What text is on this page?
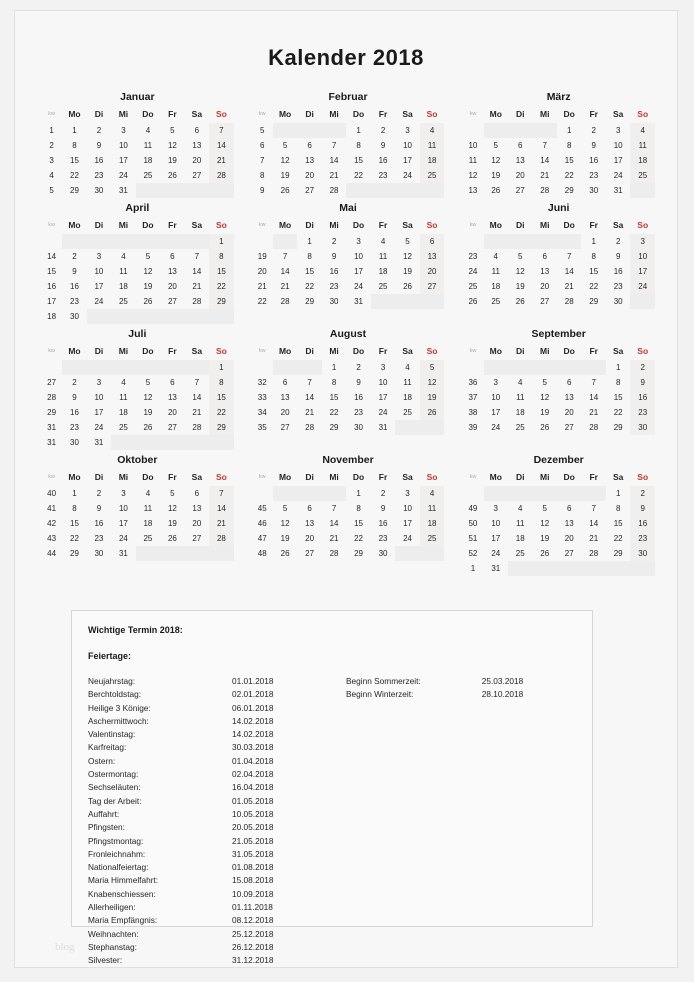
Kalender 2018
Januar
kw	Mo	Di	Mi	Do	Fr	Sa	So
1	1	2	3	4	5	6	7
2	8	9	10	11	12	13	14
3	15	16	17	18	19	20	21
4	22	23	24	25	26	27	28
5	29	30	31				
Februar
kw	Mo	Di	Mi	Do	Fr	Sa	So
5				1	2	3	4
6	5	6	7	8	9	10	11
7	12	13	14	15	16	17	18
8	19	20	21	22	23	24	25
9	26	27	28				
März
kw	Mo	Di	Mi	Do	Fr	Sa	So
				1	2	3	4
10	5	6	7	8	9	10	11
11	12	13	14	15	16	17	18
12	19	20	21	22	23	24	25
13	26	27	28	29	30	31	
April
kw	Mo	Di	Mi	Do	Fr	Sa	So
							1
14	2	3	4	5	6	7	8
15	9	10	11	12	13	14	15
16	16	17	18	19	20	21	22
17	23	24	25	26	27	28	29
18	30						
Mai
kw	Mo	Di	Mi	Do	Fr	Sa	So
		1	2	3	4	5	6
19	7	8	9	10	11	12	13
20	14	15	16	17	18	19	20
21	21	22	23	24	25	26	27
22	28	29	30	31			
Juni
kw	Mo	Di	Mi	Do	Fr	Sa	So
					1	2	3
23	4	5	6	7	8	9	10
24	11	12	13	14	15	16	17
25	18	19	20	21	22	23	24
26	25	26	27	28	29	30	
Juli
kw	Mo	Di	Mi	Do	Fr	Sa	So
							1
27	2	3	4	5	6	7	8
28	9	10	11	12	13	14	15
29	16	17	18	19	20	21	22
31	23	24	25	26	27	28	29
31	30	31					
August
kw	Mo	Di	Mi	Do	Fr	Sa	So
			1	2	3	4	5
32	6	7	8	9	10	11	12
33	13	14	15	16	17	18	19
34	20	21	22	23	24	25	26
35	27	28	29	30	31		
September
kw	Mo	Di	Mi	Do	Fr	Sa	So
						1	2
36	3	4	5	6	7	8	9
37	10	11	12	13	14	15	16
38	17	18	19	20	21	22	23
39	24	25	26	27	28	29	30
Oktober
kw	Mo	Di	Mi	Do	Fr	Sa	So
40	1	2	3	4	5	6	7
41	8	9	10	11	12	13	14
42	15	16	17	18	19	20	21
43	22	23	24	25	26	27	28
44	29	30	31				
November
kw	Mo	Di	Mi	Do	Fr	Sa	So
				1	2	3	4
45	5	6	7	8	9	10	11
46	12	13	14	15	16	17	18
47	19	20	21	22	23	24	25
48	26	27	28	29	30		
Dezember
kw	Mo	Di	Mi	Do	Fr	Sa	So
						1	2
49	3	4	5	6	7	8	9
50	10	11	12	13	14	15	16
51	17	18	19	20	21	22	23
52	24	25	26	27	28	29	30
1	31						
Wichtige Termin 2018:
Feiertage:
Neujahrstag:	01.01.2018
Berchtoldstag:	02.01.2018
Heilige 3 Könige:	06.01.2018
Aschermittwoch:	14.02.2018
Valentinstag:	14.02.2018
Karfreitag:	30.03.2018
Ostern:	01.04.2018
Ostermontag:	02.04.2018
Sechseläuten:	16.04.2018
Tag der Arbeit:	01.05.2018
Auffahrt:	10.05.2018
Pfingsten:	20.05.2018
Pfingstmontag:	21.05.2018
Fronleichnahm:	31.05.2018
Nationalfeiertag:	01.08.2018
Maria Himmelfahrt:	15.08.2018
Knabenschiessen:	10.09.2018
Allerheiligen:	01.11.2018
Maria Empfängnis:	08.12.2018
Weihnachten:	25.12.2018
Stephanstag:	26.12.2018
Silvester:	31.12.2018
Beginn Sommerzeit:	25.03.2018
Beginn Winterzeit:	28.10.2018
blog
